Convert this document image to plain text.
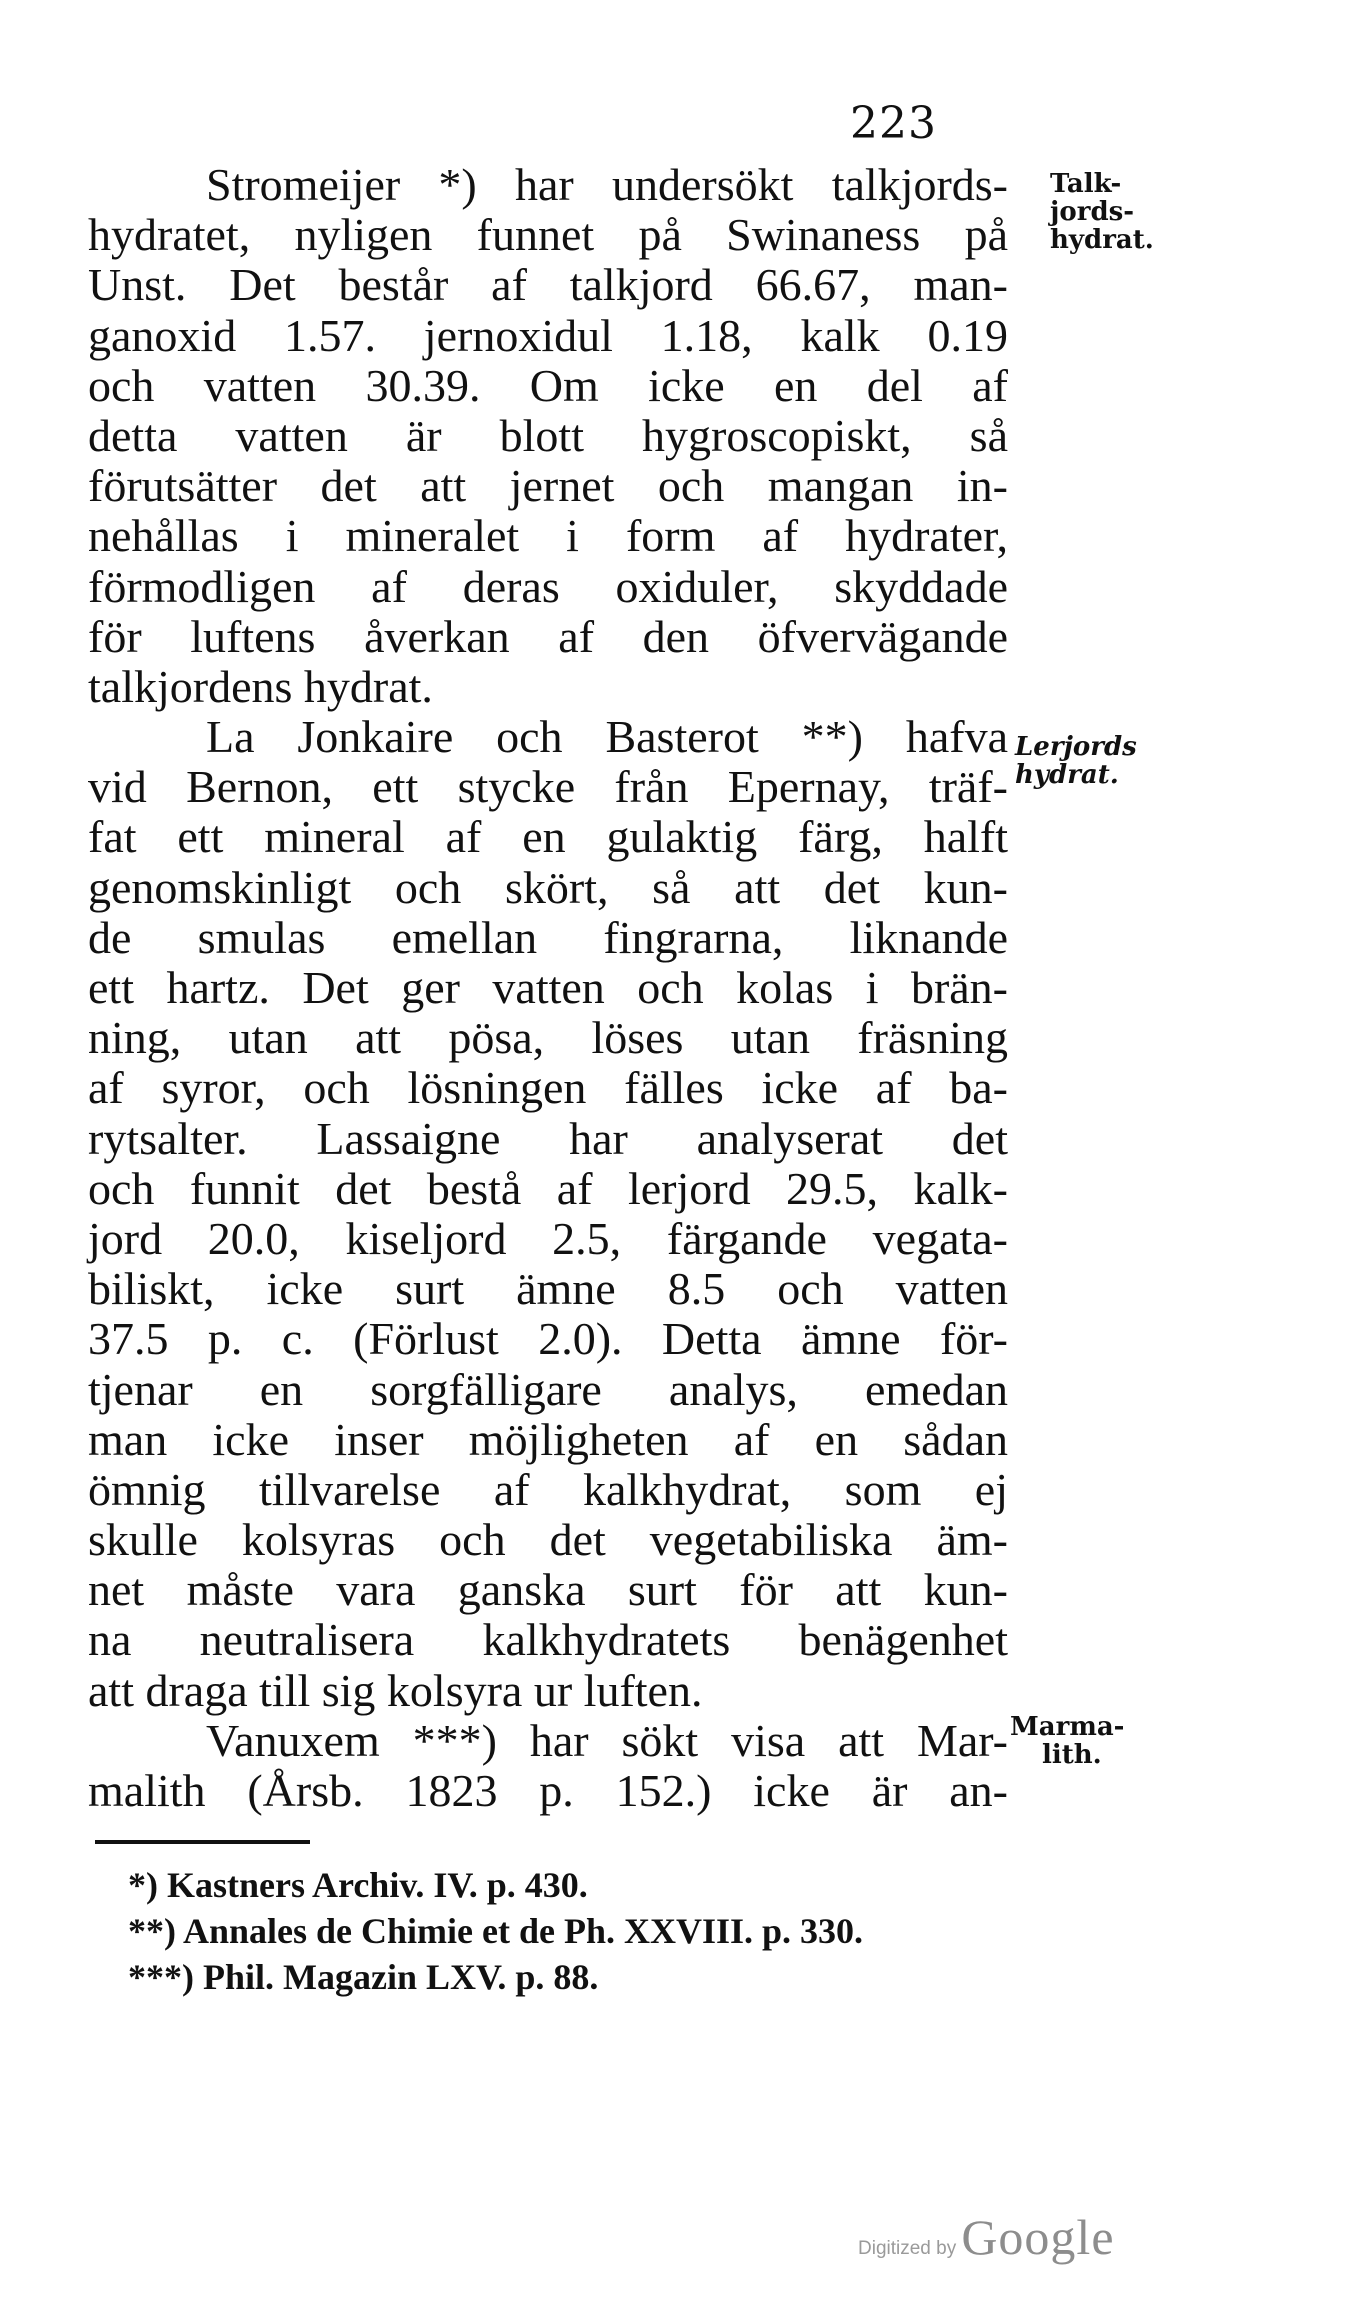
223
Stromeijer *) har undersökt talkjords-
hydratet, nyligen funnet på Swinaness på
Unst. Det består af talkjord 66.67, man-
ganoxid 1.57. jernoxidul 1.18, kalk 0.19
och vatten 30.39. Om icke en del af
detta vatten är blott hygroscopiskt, så
förutsätter det att jernet och mangan in-
nehållas i mineralet i form af hydrater,
förmodligen af deras oxiduler, skyddade
för luftens åverkan af den öfvervägande
talkjordens hydrat.
La Jonkaire och Basterot **) hafva
vid Bernon, ett stycke från Epernay, träf-
fat ett mineral af en gulaktig färg, halft
genomskinligt och skört, så att det kun-
de smulas emellan fingrarna, liknande
ett hartz. Det ger vatten och kolas i brän-
ning, utan att pösa, löses utan fräsning
af syror, och lösningen fälles icke af ba-
rytsalter. Lassaigne har analyserat det
och funnit det bestå af lerjord 29.5, kalk-
jord 20.0, kiseljord 2.5, färgande vegata-
biliskt, icke surt ämne 8.5 och vatten
37.5 p. c. (Förlust 2.0). Detta ämne för-
tjenar en sorgfälligare analys, emedan
man icke inser möjligheten af en sådan
ömnig tillvarelse af kalkhydrat, som ej
skulle kolsyras och det vegetabiliska äm-
net måste vara ganska surt för att kun-
na neutralisera kalkhydratets benägenhet
att draga till sig kolsyra ur luften.
Vanuxem ***) har sökt visa att Mar-
malith (Årsb. 1823 p. 152.) icke är an-
Talk-
jords-
hydrat.
Lerjords
hydrat.
Marma-
lith.
*) Kastners Archiv. IV. p. 430.
**) Annales de Chimie et de Ph. XXVIII. p. 330.
***) Phil. Magazin LXV. p. 88.
Digitized by Google
